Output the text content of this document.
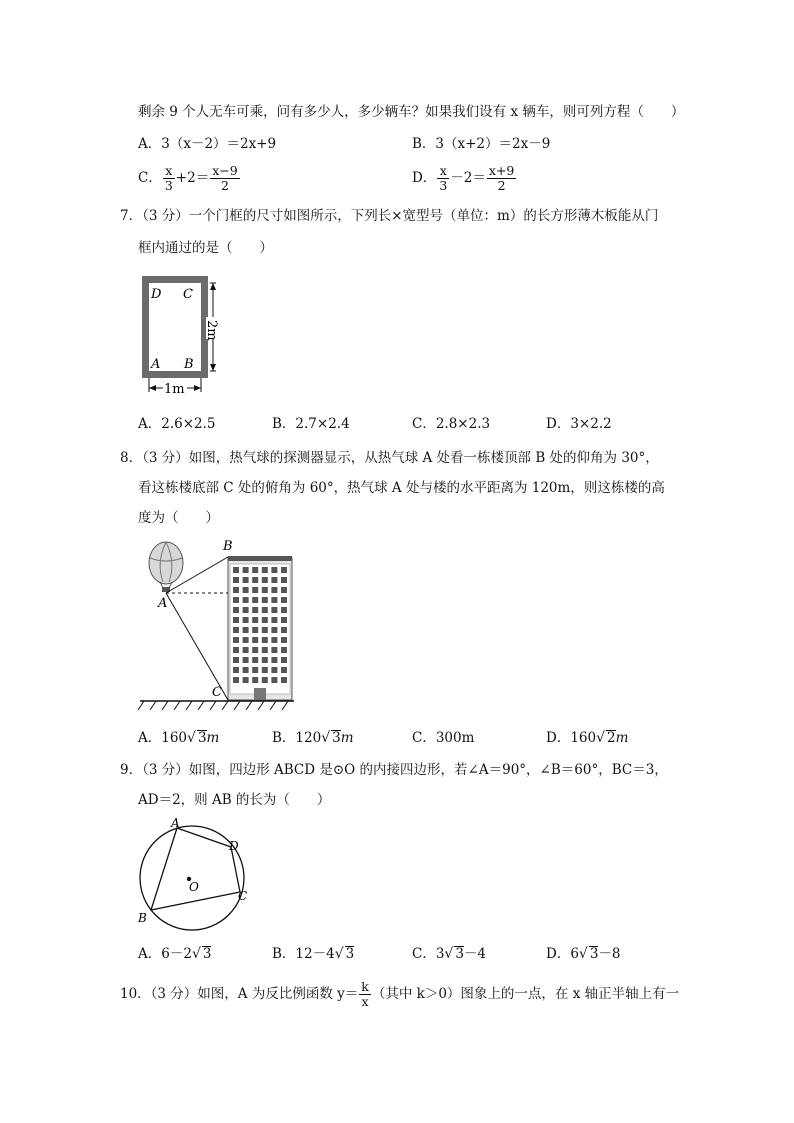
剩余 9 个人无车可乘，问有多少人，多少辆车？如果我们设有 x 辆车，则可列方程（　　）
A．3（x－2）＝2x+9	B．3（x+2）＝2x－9
C． $\frac{x}{3} +2= \frac{x-9}{2}$	D． $\frac{x}{3} -2= \frac{x+9}{2}$
7．（3 分）一个门框的尺寸如图所示，下列长×宽型号（单位：m）的长方形薄木板能从门
框内通过的是（　　）
D C
A B
2m
1m
A．2.6×2.5	B．2.7×2.4	C．2.8×2.3	D．3×2.2
8．（3 分）如图，热气球的探测器显示，从热气球 A 处看一栋楼顶部 B 处的仰角为 30°，
看这栋楼底部 C 处的俯角为 60°，热气球 A 处与楼的水平距离为 120m，则这栋楼的高
度为（　　）
A
B
C
A．160√ 3m	B．120√ 3m	C．300m	D．160√ 2m
9．（3 分）如图，四边形 ABCD 是⊙O 的内接四边形，若∠A＝90°，∠B＝60°，BC＝3，
AD＝2，则 AB 的长为（　　）
A
D
C
B
O
A．6－2√ 3	B．12－4√ 3	C．3√ 3－4	D．6√ 3－8
10．（3 分）如图，A 为反比例函数 $y= \frac{k}{x}$ （其中 k＞0）图象上的一点，在 x 轴正半轴上有一
